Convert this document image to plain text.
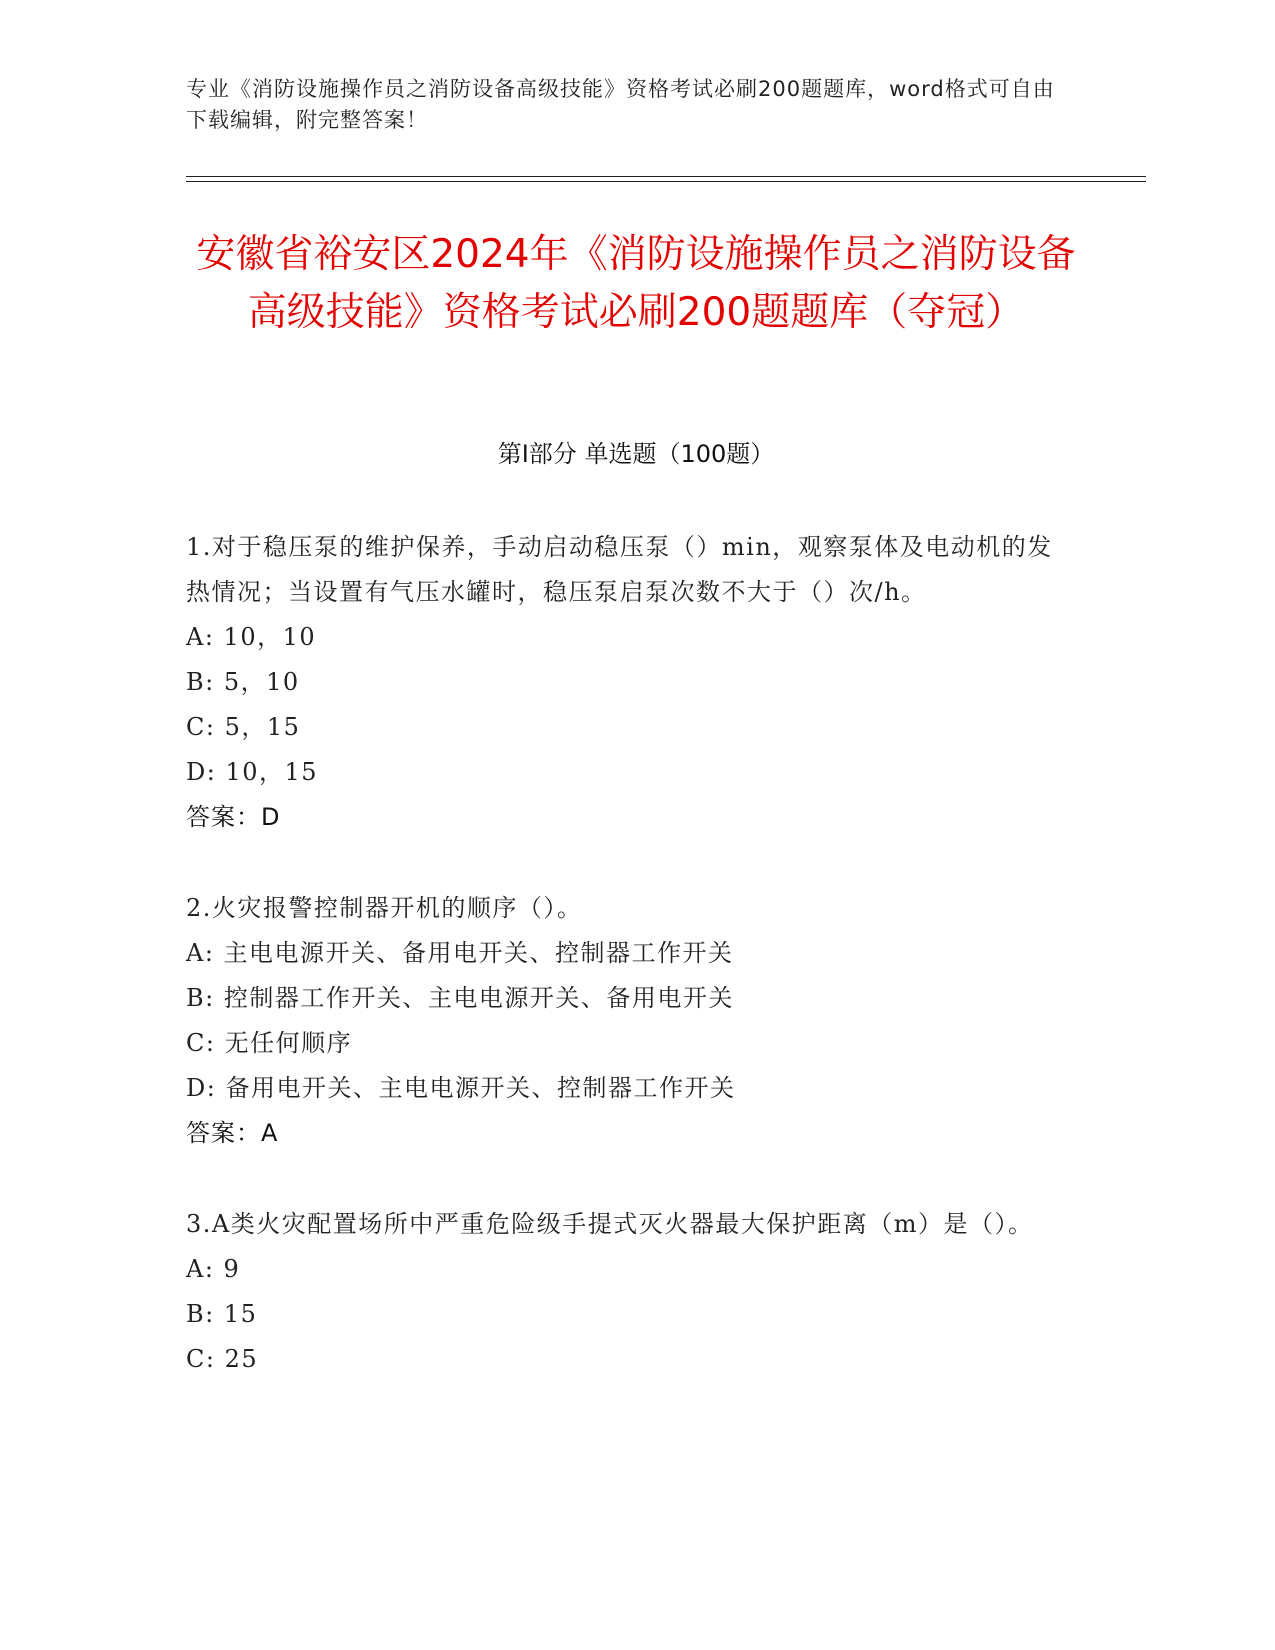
专业《消防设施操作员之消防设备高级技能》资格考试必刷200题题库，word格式可自由下载编辑，附完整答案！
安徽省裕安区2024年《消防设施操作员之消防设备高级技能》资格考试必刷200题题库（夺冠）
第Ⅰ部分 单选题（100题）
1.对于稳压泵的维护保养，手动启动稳压泵（）min，观察泵体及电动机的发热情况；当设置有气压水罐时，稳压泵启泵次数不大于（）次/h。
A: 10，10
B: 5，10
C: 5，15
D: 10，15
答案：D
2.火灾报警控制器开机的顺序（）。
A: 主电电源开关、备用电开关、控制器工作开关
B: 控制器工作开关、主电电源开关、备用电开关
C: 无任何顺序
D: 备用电开关、主电电源开关、控制器工作开关
答案：A
3.A类火灾配置场所中严重危险级手提式灭火器最大保护距离（m）是（）。
A: 9
B: 15
C: 25
